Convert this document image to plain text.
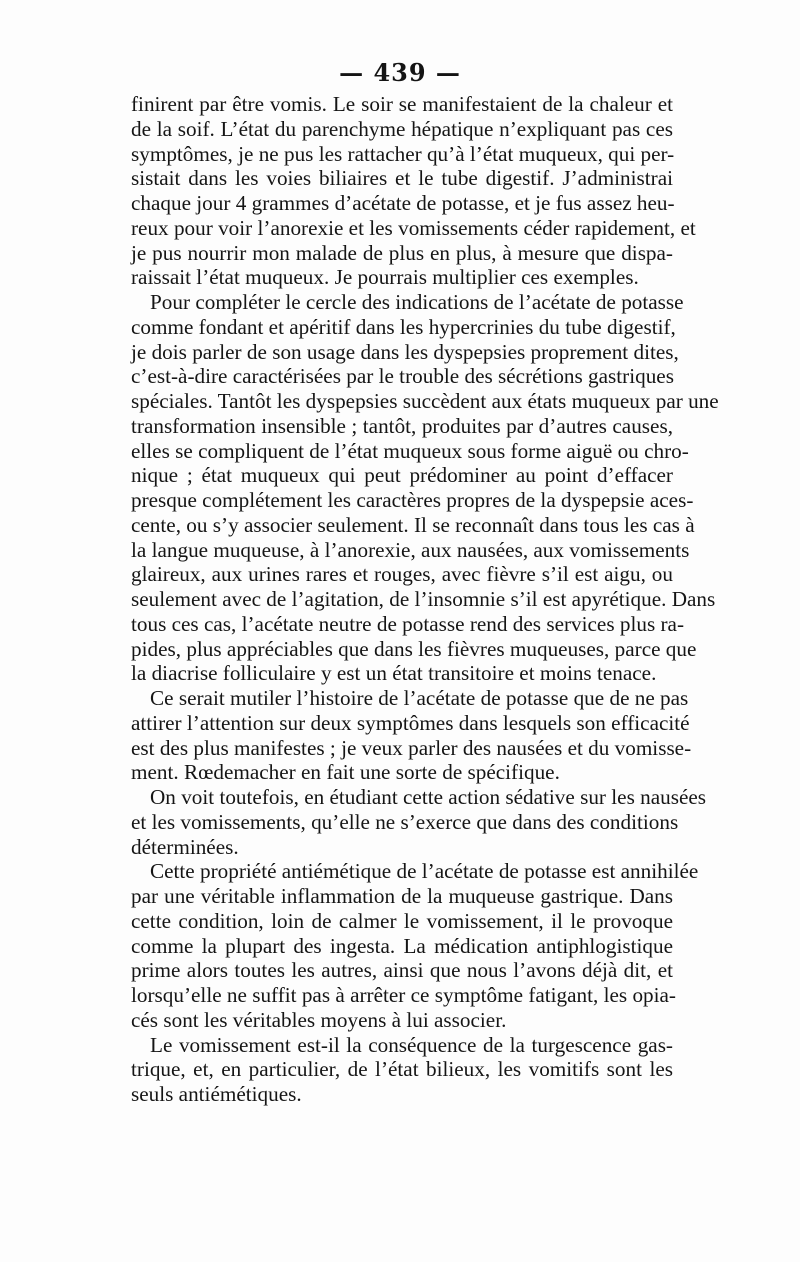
— 439 —

finirent par être vomis. Le soir se manifestaient de la chaleur et
de la soif. L’état du parenchyme hépatique n’expliquant pas ces
symptômes, je ne pus les rattacher qu’à l’état muqueux, qui per-
sistait dans les voies biliaires et le tube digestif. J’administrai
chaque jour 4 grammes d’acétate de potasse, et je fus assez heu-
reux pour voir l’anorexie et les vomissements céder rapidement, et
je pus nourrir mon malade de plus en plus, à mesure que dispa-
raissait l’état muqueux. Je pourrais multiplier ces exemples.

Pour compléter le cercle des indications de l’acétate de potasse
comme fondant et apéritif dans les hypercrinies du tube digestif,
je dois parler de son usage dans les dyspepsies proprement dites,
c’est-à-dire caractérisées par le trouble des sécrétions gastriques
spéciales. Tantôt les dyspepsies succèdent aux états muqueux par une
transformation insensible ; tantôt, produites par d’autres causes,
elles se compliquent de l’état muqueux sous forme aiguë ou chro-
nique ; état muqueux qui peut prédominer au point d’effacer
presque complétement les caractères propres de la dyspepsie aces-
cente, ou s’y associer seulement. Il se reconnaît dans tous les cas à
la langue muqueuse, à l’anorexie, aux nausées, aux vomissements
glaireux, aux urines rares et rouges, avec fièvre s’il est aigu, ou
seulement avec de l’agitation, de l’insomnie s’il est apyrétique. Dans
tous ces cas, l’acétate neutre de potasse rend des services plus ra-
pides, plus appréciables que dans les fièvres muqueuses, parce que
la diacrise folliculaire y est un état transitoire et moins tenace.

Ce serait mutiler l’histoire de l’acétate de potasse que de ne pas
attirer l’attention sur deux symptômes dans lesquels son efficacité
est des plus manifestes ; je veux parler des nausées et du vomisse-
ment. Rœdemacher en fait une sorte de spécifique.

On voit toutefois, en étudiant cette action sédative sur les nausées
et les vomissements, qu’elle ne s’exerce que dans des conditions
déterminées.

Cette propriété antiémétique de l’acétate de potasse est annihilée
par une véritable inflammation de la muqueuse gastrique. Dans
cette condition, loin de calmer le vomissement, il le provoque
comme la plupart des ingesta. La médication antiphlogistique
prime alors toutes les autres, ainsi que nous l’avons déjà dit, et
lorsqu’elle ne suffit pas à arrêter ce symptôme fatigant, les opia-
cés sont les véritables moyens à lui associer.

Le vomissement est-il la conséquence de la turgescence gas-
trique, et, en particulier, de l’état bilieux, les vomitifs sont les
seuls antiémétiques.
